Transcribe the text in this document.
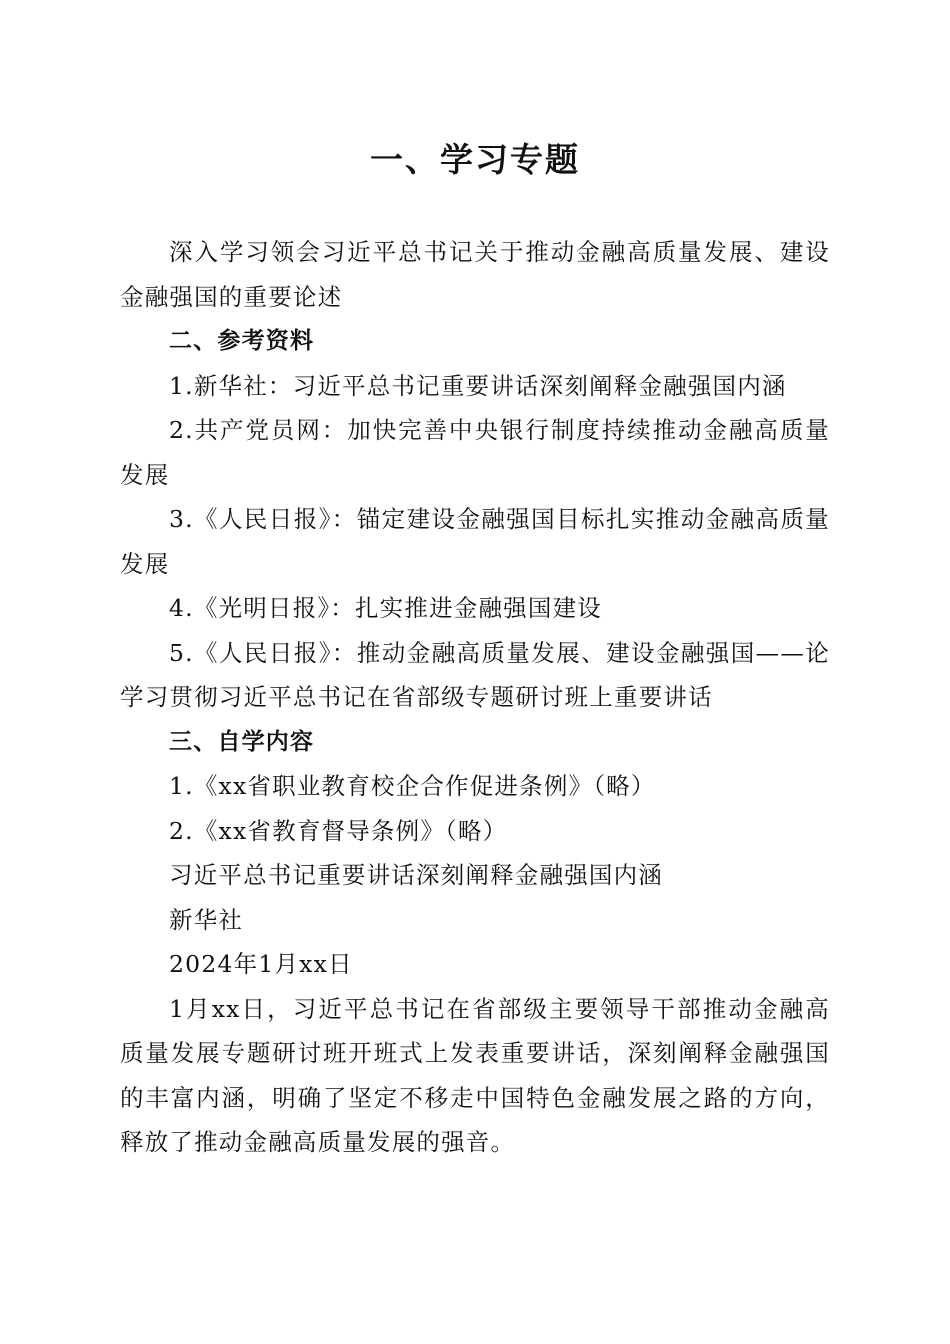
一、学习专题

深入学习领会习近平总书记关于推动金融高质量发展、建设金融强国的重要论述

二、参考资料

1.新华社：习近平总书记重要讲话深刻阐释金融强国内涵

2.共产党员网：加快完善中央银行制度持续推动金融高质量发展

3.《人民日报》：锚定建设金融强国目标扎实推动金融高质量发展

4.《光明日报》：扎实推进金融强国建设

5.《人民日报》：推动金融高质量发展、建设金融强国——论学习贯彻习近平总书记在省部级专题研讨班上重要讲话

三、自学内容

1.《xx省职业教育校企合作促进条例》（略）

2.《xx省教育督导条例》（略）

习近平总书记重要讲话深刻阐释金融强国内涵

新华社

2024年1月xx日

1月xx日，习近平总书记在省部级主要领导干部推动金融高质量发展专题研讨班开班式上发表重要讲话，深刻阐释金融强国的丰富内涵，明确了坚定不移走中国特色金融发展之路的方向，释放了推动金融高质量发展的强音。
